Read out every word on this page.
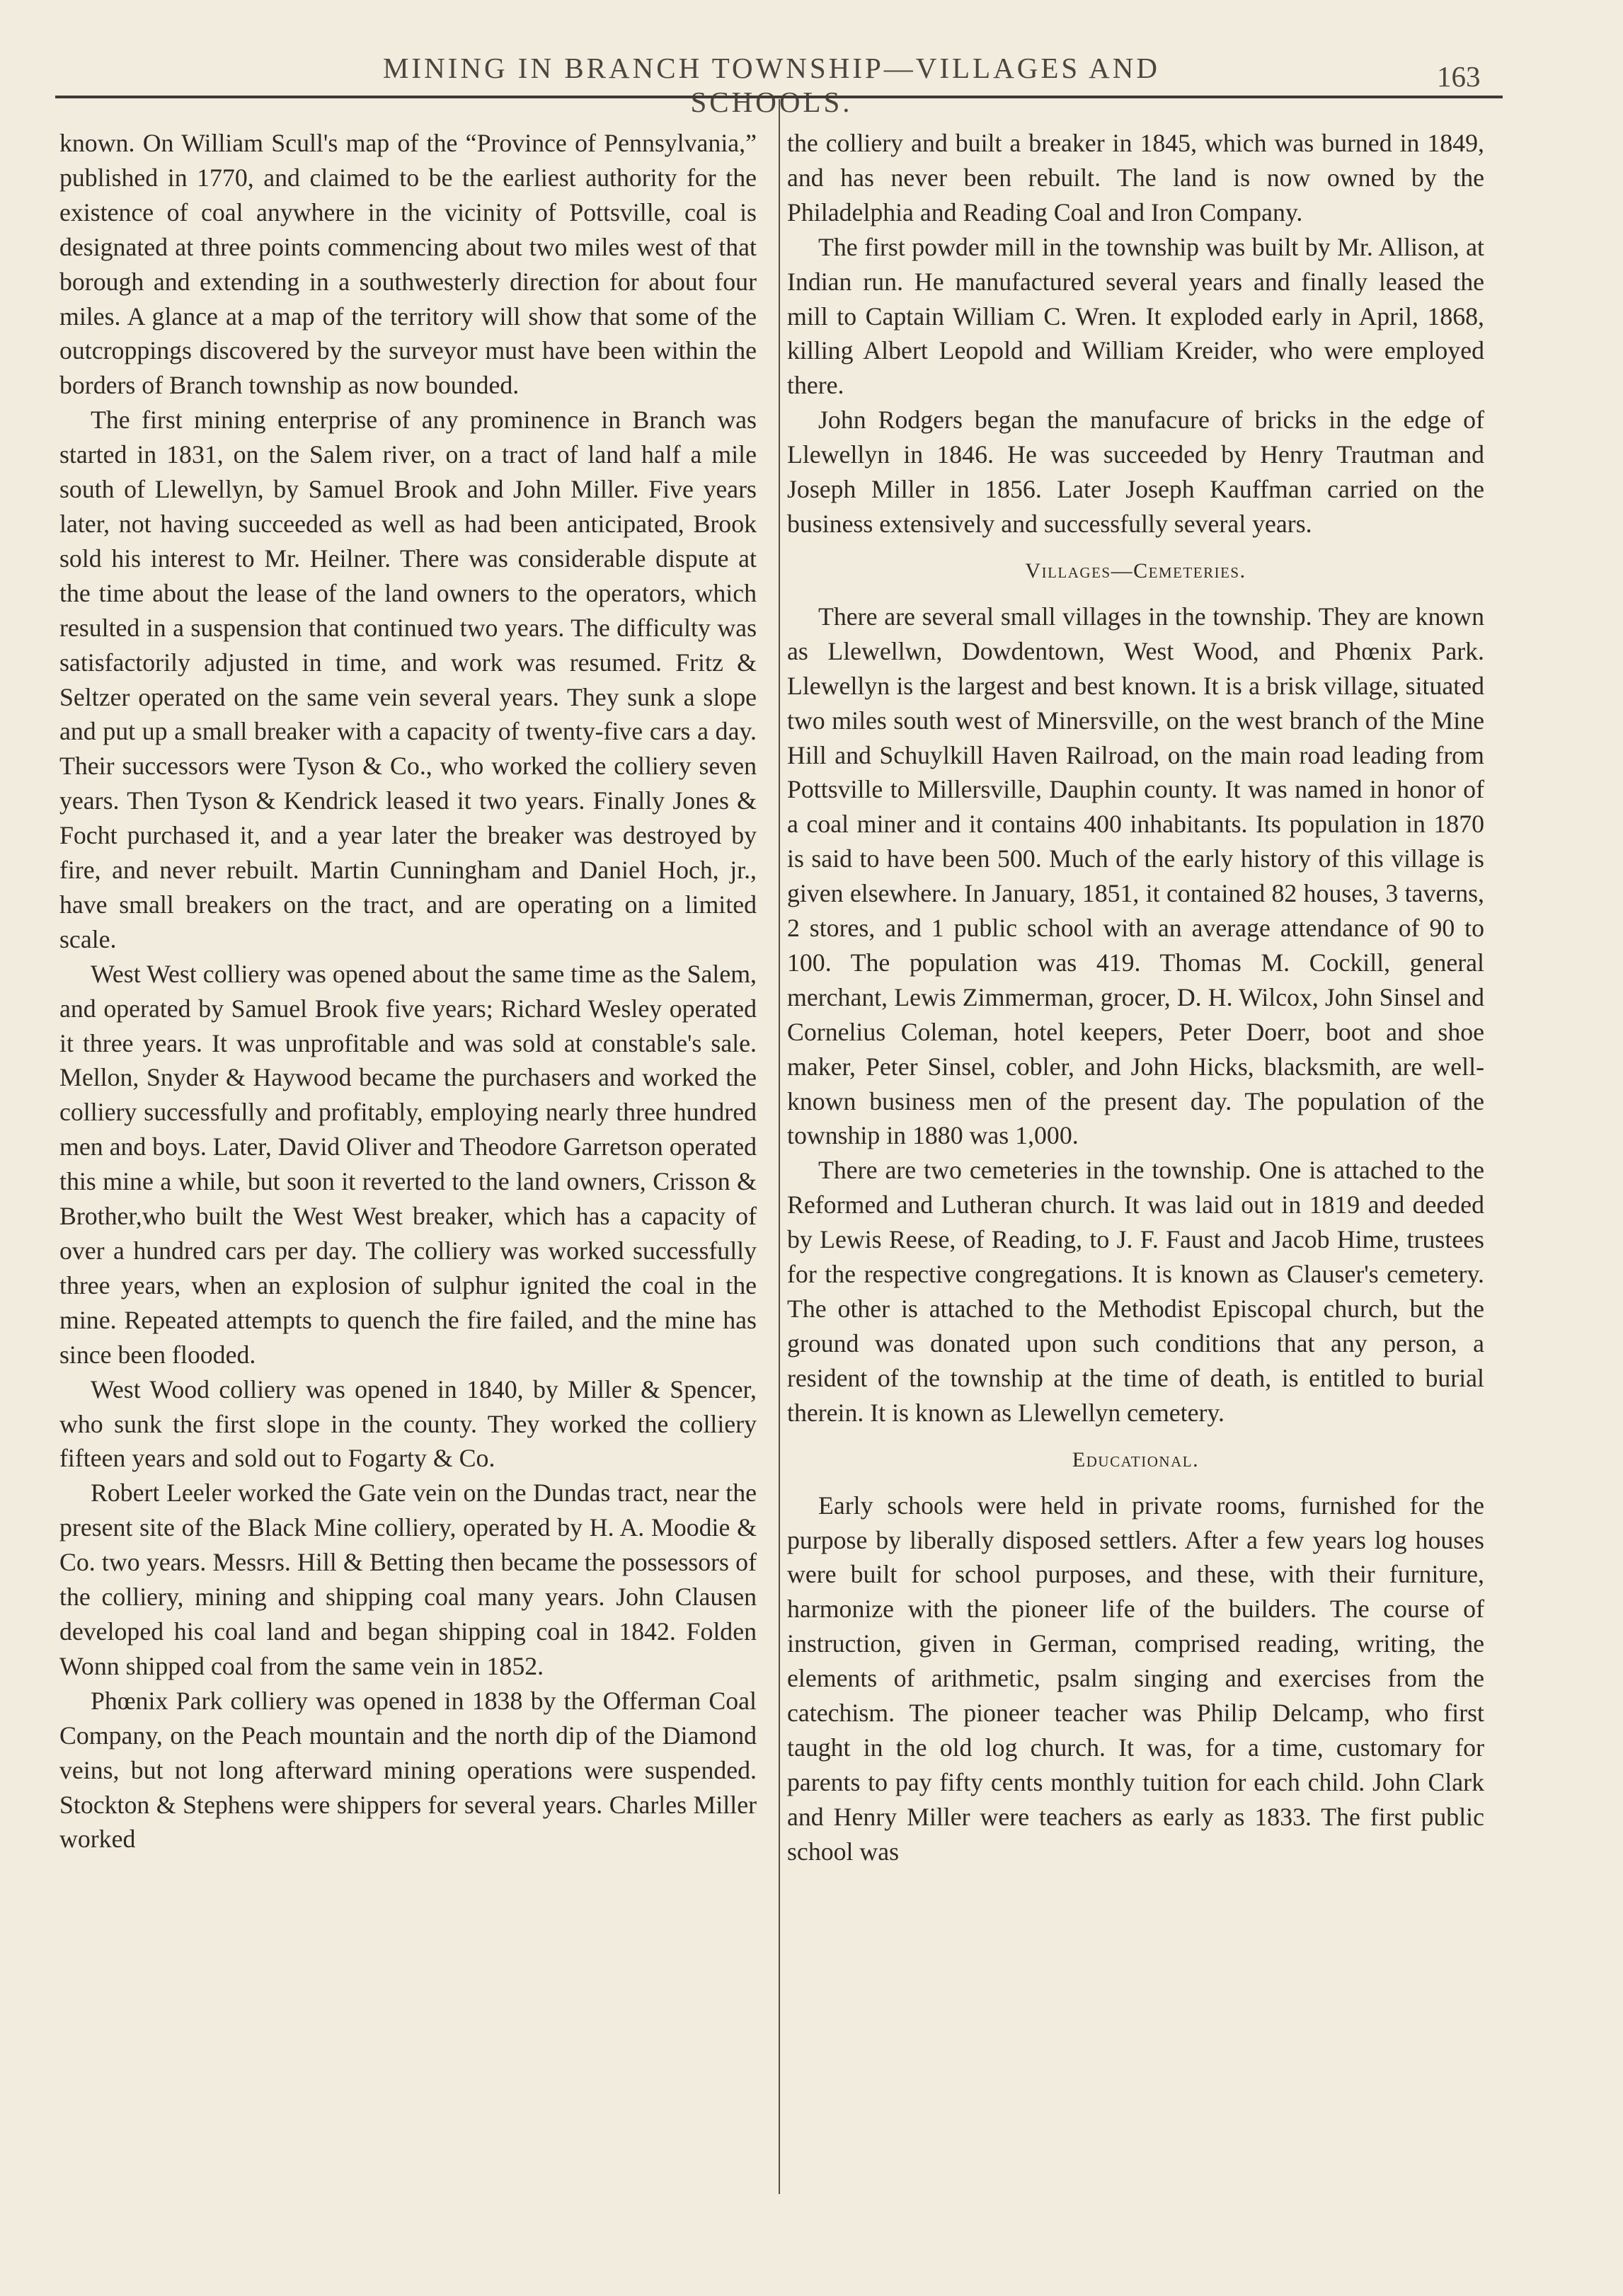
MINING IN BRANCH TOWNSHIP—VILLAGES AND SCHOOLS.
163

known. On William Scull's map of the “Province of Pennsylvania,” published in 1770, and claimed to be the earliest authority for the existence of coal anywhere in the vicinity of Pottsville, coal is designated at three points commencing about two miles west of that borough and extending in a southwesterly direction for about four miles. A glance at a map of the territory will show that some of the outcroppings discovered by the surveyor must have been within the borders of Branch township as now bounded.

The first mining enterprise of any prominence in Branch was started in 1831, on the Salem river, on a tract of land half a mile south of Llewellyn, by Samuel Brook and John Miller. Five years later, not having succeeded as well as had been anticipated, Brook sold his interest to Mr. Heilner. There was considerable dispute at the time about the lease of the land owners to the operators, which resulted in a suspension that continued two years. The difficulty was satisfactorily adjusted in time, and work was resumed. Fritz & Seltzer operated on the same vein several years. They sunk a slope and put up a small breaker with a capacity of twenty-five cars a day. Their successors were Tyson & Co., who worked the colliery seven years. Then Tyson & Kendrick leased it two years. Finally Jones & Focht purchased it, and a year later the breaker was destroyed by fire, and never rebuilt. Martin Cunningham and Daniel Hoch, jr., have small breakers on the tract, and are operating on a limited scale.

West West colliery was opened about the same time as the Salem, and operated by Samuel Brook five years; Richard Wesley operated it three years. It was unprofitable and was sold at constable's sale. Mellon, Snyder & Haywood became the purchasers and worked the colliery successfully and profitably, employing nearly three hundred men and boys. Later, David Oliver and Theodore Garretson operated this mine a while, but soon it reverted to the land owners, Crisson & Brother,who built the West West breaker, which has a capacity of over a hundred cars per day. The colliery was worked successfully three years, when an explosion of sulphur ignited the coal in the mine. Repeated attempts to quench the fire failed, and the mine has since been flooded.

West Wood colliery was opened in 1840, by Miller & Spencer, who sunk the first slope in the county. They worked the colliery fifteen years and sold out to Fogarty & Co.

Robert Leeler worked the Gate vein on the Dundas tract, near the present site of the Black Mine colliery, operated by H. A. Moodie & Co. two years. Messrs. Hill & Betting then became the possessors of the colliery, mining and shipping coal many years. John Clausen developed his coal land and began shipping coal in 1842. Folden Wonn shipped coal from the same vein in 1852.

Phœnix Park colliery was opened in 1838 by the Offerman Coal Company, on the Peach mountain and the north dip of the Diamond veins, but not long afterward mining operations were suspended. Stockton & Stephens were shippers for several years. Charles Miller worked

the colliery and built a breaker in 1845, which was burned in 1849, and has never been rebuilt. The land is now owned by the Philadelphia and Reading Coal and Iron Company.

The first powder mill in the township was built by Mr. Allison, at Indian run. He manufactured several years and finally leased the mill to Captain William C. Wren. It exploded early in April, 1868, killing Albert Leopold and William Kreider, who were employed there.

John Rodgers began the manufacure of bricks in the edge of Llewellyn in 1846. He was succeeded by Henry Trautman and Joseph Miller in 1856. Later Joseph Kauffman carried on the business extensively and successfully several years.

Villages—Cemeteries.

There are several small villages in the township. They are known as Llewellwn, Dowdentown, West Wood, and Phœnix Park. Llewellyn is the largest and best known. It is a brisk village, situated two miles south west of Minersville, on the west branch of the Mine Hill and Schuylkill Haven Railroad, on the main road leading from Pottsville to Millersville, Dauphin county. It was named in honor of a coal miner and it contains 400 inhabitants. Its population in 1870 is said to have been 500. Much of the early history of this village is given elsewhere. In January, 1851, it contained 82 houses, 3 taverns, 2 stores, and 1 public school with an average attendance of 90 to 100. The population was 419. Thomas M. Cockill, general merchant, Lewis Zimmerman, grocer, D. H. Wilcox, John Sinsel and Cornelius Coleman, hotel keepers, Peter Doerr, boot and shoe maker, Peter Sinsel, cobler, and John Hicks, blacksmith, are well-known business men of the present day. The population of the township in 1880 was 1,000.

There are two cemeteries in the township. One is attached to the Reformed and Lutheran church. It was laid out in 1819 and deeded by Lewis Reese, of Reading, to J. F. Faust and Jacob Hime, trustees for the respective congregations. It is known as Clauser's cemetery. The other is attached to the Methodist Episcopal church, but the ground was donated upon such conditions that any person, a resident of the township at the time of death, is entitled to burial therein. It is known as Llewellyn cemetery.

Educational.

Early schools were held in private rooms, furnished for the purpose by liberally disposed settlers. After a few years log houses were built for school purposes, and these, with their furniture, harmonize with the pioneer life of the builders. The course of instruction, given in German, comprised reading, writing, the elements of arithmetic, psalm singing and exercises from the catechism. The pioneer teacher was Philip Delcamp, who first taught in the old log church. It was, for a time, customary for parents to pay fifty cents monthly tuition for each child. John Clark and Henry Miller were teachers as early as 1833. The first public school was
